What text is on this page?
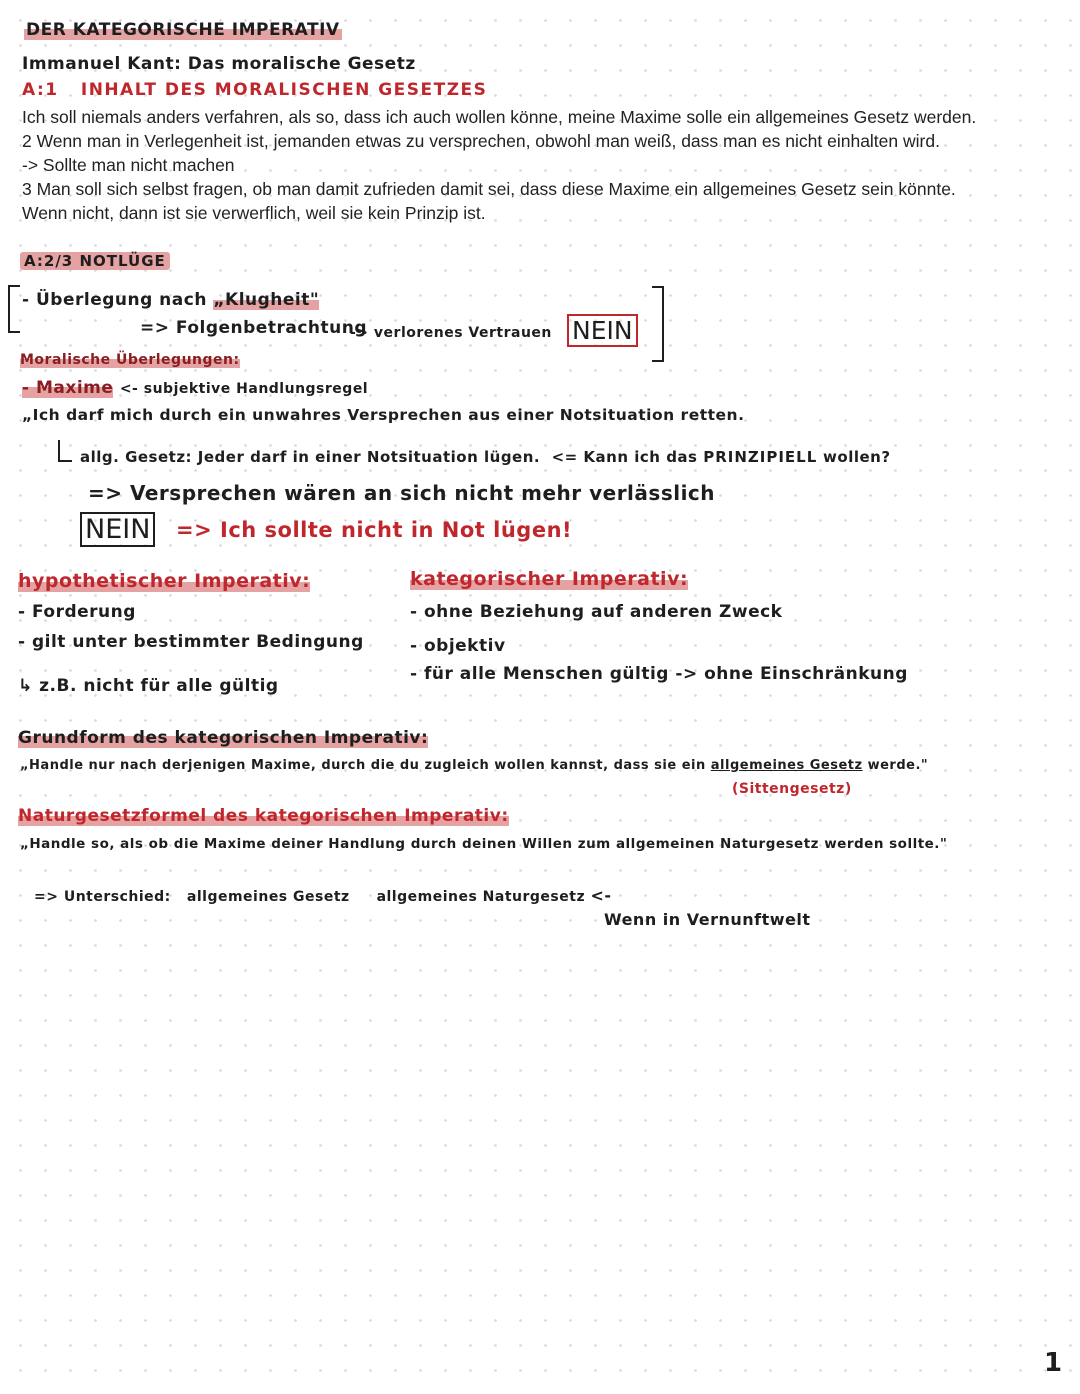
DER KATEGORISCHE IMPERATIV
Immanuel Kant: Das moralische Gesetz
A:1 INHALT DES MORALISCHEN GESETZES
Ich soll niemals anders verfahren, als so, dass ich auch wollen könne, meine Maxime solle ein allgemeines Gesetz werden.
2 Wenn man in Verlegenheit ist, jemanden etwas zu versprechen, obwohl man weiß, dass man es nicht einhalten wird.
-> Sollte man nicht machen
3 Man soll sich selbst fragen, ob man damit zufrieden damit sei, dass diese Maxime ein allgemeines Gesetz sein könnte.
Wenn nicht, dann ist sie verwerflich, weil sie kein Prinzip ist.
A:2/3 NOTLÜGE
- Überlegung nach „Klugheit"
=> Folgenbetrachtung
-> verlorenes Vertrauen NEIN
Moralische Überlegungen:
- Maxime <- subjektive Handlungsregel
„Ich darf mich durch ein unwahres Versprechen aus einer Notsituation retten.
allg. Gesetz: Jeder darf in einer Notsituation lügen. <= Kann ich das PRINZIPIELL wollen?
=> Versprechen wären an sich nicht mehr verlässlich
NEIN => Ich sollte nicht in Not lügen!
hypothetischer Imperativ:
- Forderung
- gilt unter bestimmter Bedingung
↳ z.B. nicht für alle gültig
kategorischer Imperativ:
- ohne Beziehung auf anderen Zweck
- objektiv
- für alle Menschen gültig -> ohne Einschränkung
Grundform des kategorischen Imperativ:
„Handle nur nach derjenigen Maxime, durch die du zugleich wollen kannst, dass sie ein allgemeines Gesetz werde."
(Sittengesetz)
Naturgesetzformel des kategorischen Imperativ:
„Handle so, als ob die Maxime deiner Handlung durch deinen Willen zum allgemeinen Naturgesetz werden sollte."
=> Unterschied: allgemeines Gesetz allgemeines Naturgesetz <-
Wenn in Vernunftwelt
1
